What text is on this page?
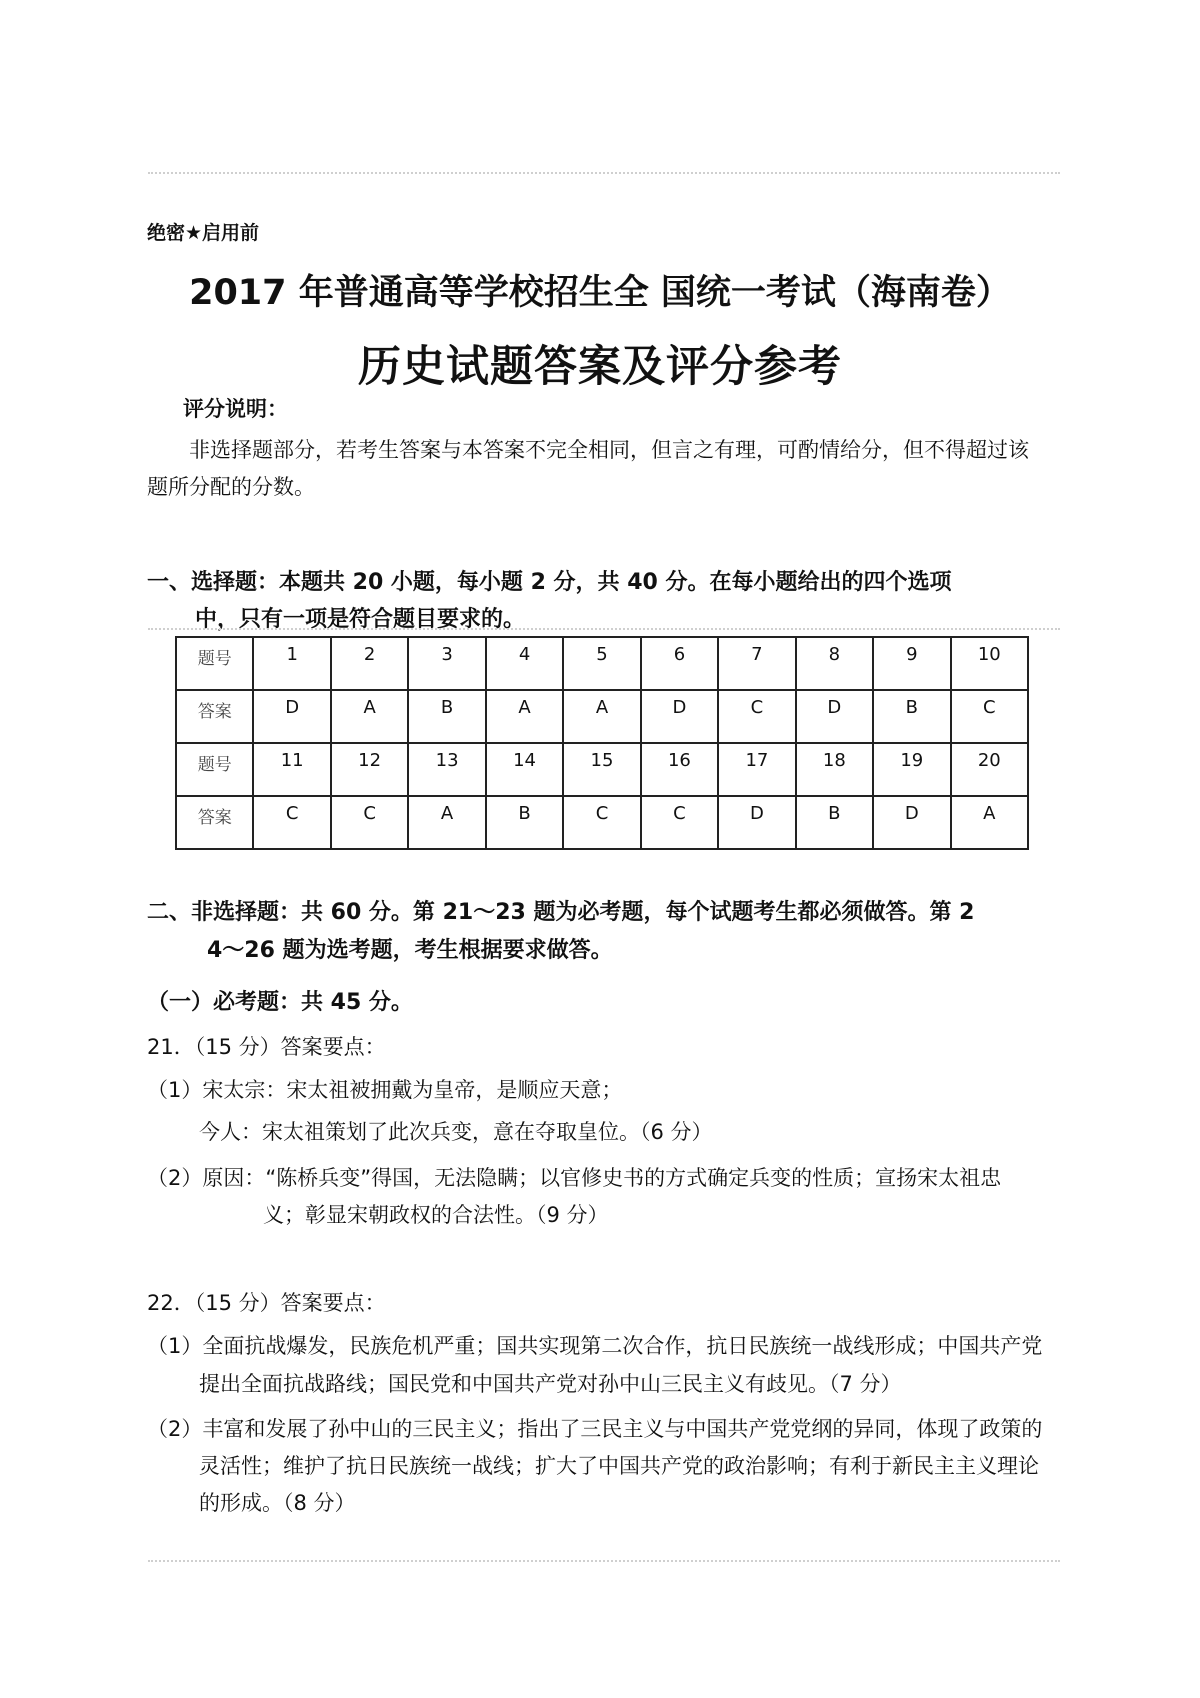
绝密★启用前
2017 年普通高等学校招生全 国统一考试（海南卷）
历史试题答案及评分参考
评分说明：
非选择题部分，若考生答案与本答案不完全相同，但言之有理，可酌情给分，但不得超过该
题所分配的分数。
一、选择题：本题共 20 小题，每小题 2 分，共 40 分。在每小题给出的四个选项
中，只有一项是符合题目要求的。
题号	1	2	3	4	5	6	7	8	9	10
答案	D	A	B	A	A	D	C	D	B	C
题号	11	12	13	14	15	16	17	18	19	20
答案	C	C	A	B	C	C	D	B	D	A
二、非选择题：共 60 分。第 21～23 题为必考题，每个试题考生都必须做答。第 2
4～26 题为选考题，考生根据要求做答。
（一）必考题：共 45 分。
21．（15 分）答案要点：
（1）宋太宗：宋太祖被拥戴为皇帝，是顺应天意；
今人：宋太祖策划了此次兵变，意在夺取皇位。（6 分）
（2）原因：“陈桥兵变”得国，无法隐瞒；以官修史书的方式确定兵变的性质；宣扬宋太祖忠
义；彰显宋朝政权的合法性。（9 分）
22．（15 分）答案要点：
（1）全面抗战爆发，民族危机严重；国共实现第二次合作，抗日民族统一战线形成；中国共产党
提出全面抗战路线；国民党和中国共产党对孙中山三民主义有歧见。（7 分）
（2）丰富和发展了孙中山的三民主义；指出了三民主义与中国共产党党纲的异同，体现了政策的
灵活性；维护了抗日民族统一战线；扩大了中国共产党的政治影响；有利于新民主主义理论
的形成。（8 分）
